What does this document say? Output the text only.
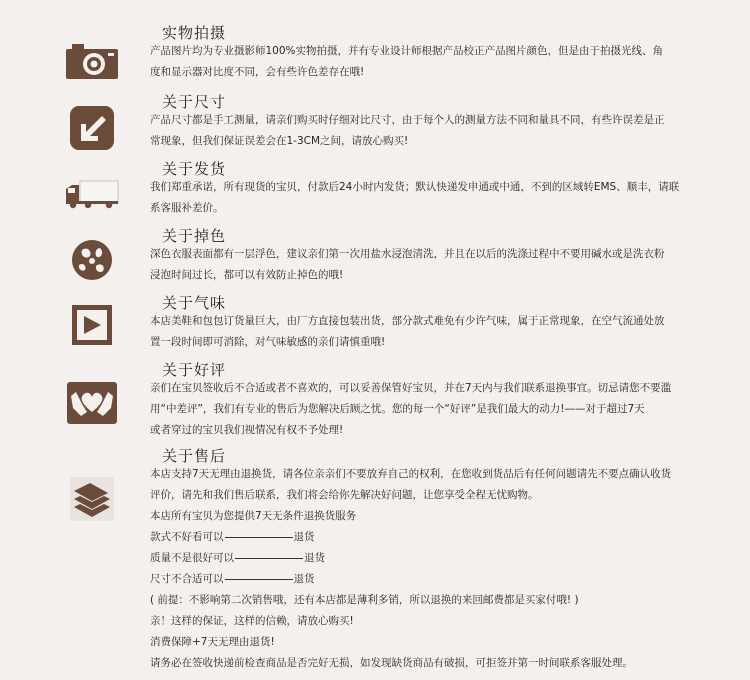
实物拍摄
产品图片均为专业摄影师100%实物拍摄，并有专业设计师根据产品校正产品图片颜色，但是由于拍摄光线、角
度和显示器对比度不同，会有些许色差存在哦!
关于尺寸
产品尺寸都是手工测量，请亲们购买时仔细对比尺寸，由于每个人的测量方法不同和量具不同，有些许误差是正
常现象，但我们保证误差会在1-3CM之间，请放心购买!
关于发货
我们郑重承诺，所有现货的宝贝，付款后24小时内发货；默认快递发申通或中通，不到的区域转EMS、顺丰，请联
系客服补差价。
关于掉色
深色衣服表面都有一层浮色，建议亲们第一次用盐水浸泡清洗，并且在以后的洗涤过程中不要用碱水或是洗衣粉
浸泡时间过长，都可以有效防止掉色的哦!
关于气味
本店美鞋和包包订货量巨大，由厂方直接包装出货，部分款式难免有少许气味，属于正常现象，在空气流通处放
置一段时间即可消除，对气味敏感的亲们请慎重哦!
关于好评
亲们在宝贝签收后不合适或者不喜欢的，可以妥善保管好宝贝，并在7天内与我们联系退换事宜。切忌请您不要滥
用“中差评”，我们有专业的售后为您解决后顾之忧。您的每一个“好评”是我们最大的动力!——对于超过7天
或者穿过的宝贝我们视情况有权不予处理!
关于售后
本店支持7天无理由退换货，请各位亲亲们不要放弃自己的权利，在您收到货品后有任何问题请先不要点确认收货
评价，请先和我们售后联系，我们将会给你先解决好问题，让您享受全程无忧购物。
本店所有宝贝为您提供7天无条件退换货服务
款式不好看可以	退货
质量不是很好可以	退货
尺寸不合适可以	退货
( 前提：不影响第二次销售哦，还有本店都是薄利多销，所以退换的来回邮费都是买家付哦! )
亲！这样的保证，这样的信赖，请放心购买!
消费保障+7天无理由退货!
请务必在签收快递前检查商品是否完好无损，如发现缺货商品有破损，可拒签并第一时间联系客服处理。
